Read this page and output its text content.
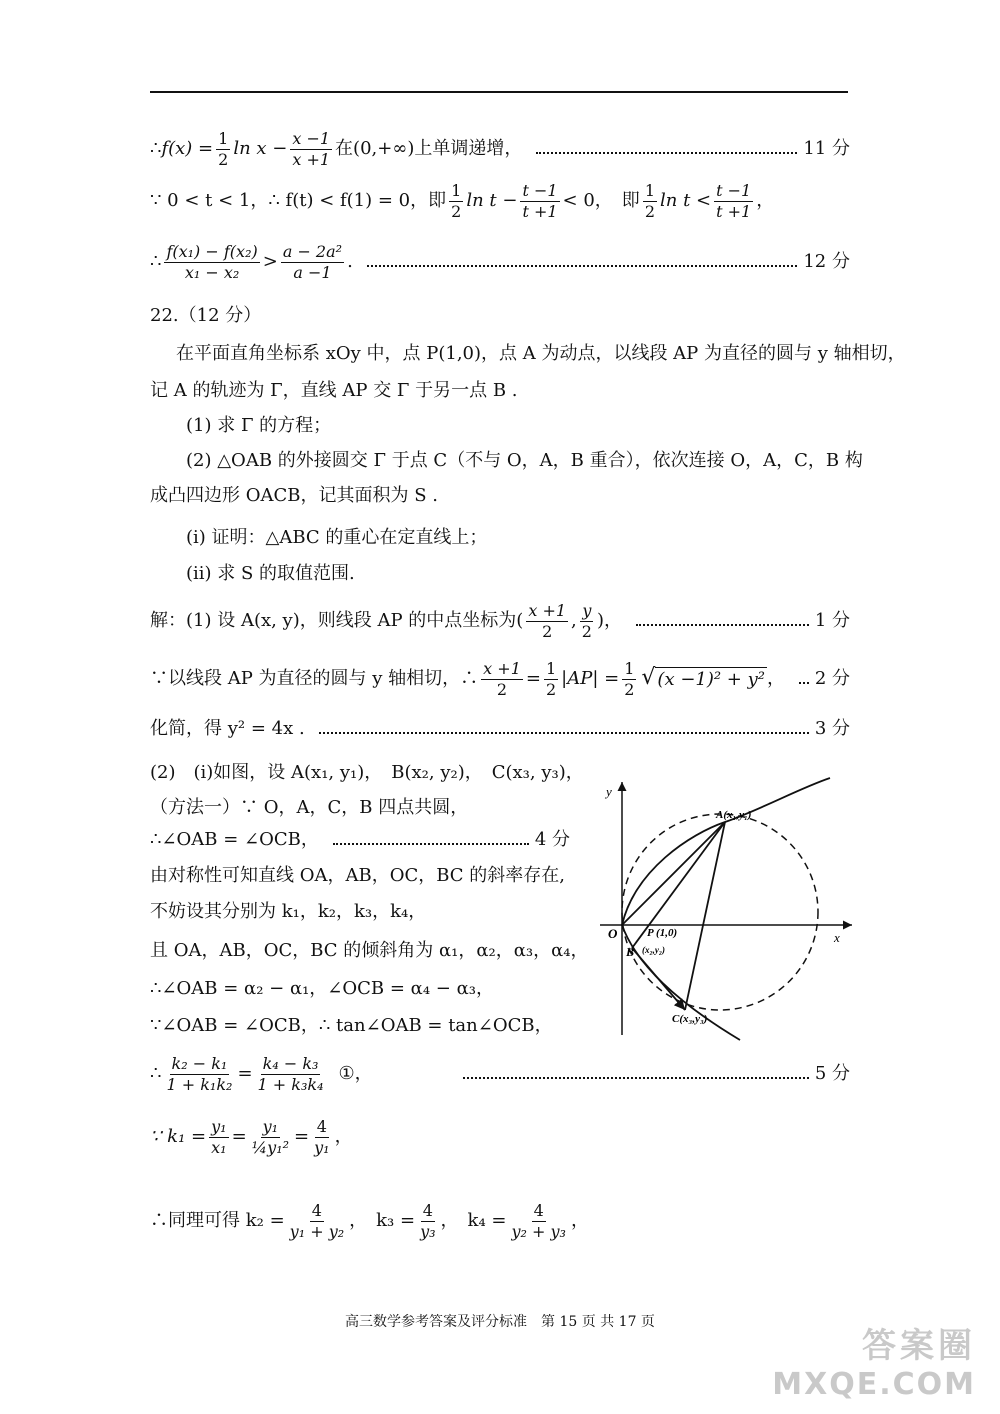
∴ $f(x) = \frac{1}{2}$ $\ln x - \frac{x -1}{x +1}$ 在(0,+∞)上单调递增，	11 分
∵ 0 < t < 1，∴ f(t) < f(1) = 0，即 $\frac{1}{2}$ $\ln t - \frac{t -1}{t +1} < 0$，　即 $\frac{1}{2}$ $\ln t < \frac{t -1}{t +1}$ ，
∴ $\frac{\text{f(x₁) − f(x₂)}}{\text{x₁ − x₂}} > \frac{\text{a − 2a²}}{a -1}$ .	12 分
22.（12 分）
在平面直角坐标系 xOy 中，点 P(1,0)，点 A 为动点，以线段 AP 为直径的圆与 y 轴相切，
记 A 的轨迹为 Γ，直线 AP 交 Γ 于另一点 B .
(1) 求 Γ 的方程；
(2) △OAB 的外接圆交 Γ 于点 C（不与 O，A，B 重合），依次连接 O，A，C，B 构
成凸四边形 OACB，记其面积为 S .
(i) 证明：△ABC 的重心在定直线上；
(ii) 求 S 的取值范围.
解：(1) 设 A(x, y)，则线段 AP 的中点坐标为( $\frac{x +1}{2}$ , $\frac{y}{2}$ )，	1 分
∵以线段 AP 为直径的圆与 y 轴相切，∴ $\frac{x +1}{2} = \frac{1}{2} |AP| = \frac{1}{2}$ √ (x −1)² + y² ， 2 分
化简，得 y² = 4x .	3 分
(2)　(i)如图，设 A(x₁, y₁)，　B(x₂, y₂)，　C(x₃, y₃)，
（方法一）∵ O，A，C，B 四点共圆，
∴∠OAB = ∠OCB，	4 分
由对称性可知直线 OA，AB，OC，BC 的斜率存在,
不妨设其分别为 k₁，k₂，k₃，k₄，
且 OA，AB，OC，BC 的倾斜角为 α₁，α₂，α₃，α₄，
∴∠OAB = α₂ − α₁，∠OCB = α₄ − α₃，
∵∠OAB = ∠OCB，∴ tan∠OAB = tan∠OCB，
∴ $\frac{\text{k₂ − k₁}}{\text{1 + k₁k₂}} = \frac{\text{k₄ − k₃}}{\text{1 + k₃k₄}}$ ①，	5 分
∵ $k_1 = \frac{\text{y₁}}{\text{x₁}} = \frac{\text{y₁}}{\text{¼y₁²}} = \frac{4}{\text{y₁}}$ ，
∴同理可得 $k_2 = \frac{4}{\text{y₁ + y₂}}$ ，　$k_3 = \frac{4}{\text{y₃}}$ ，　$k_4 = \frac{4}{\text{y₂ + y₃}}$ ，
y
x
O
A(x₁,y₁)
P (1,0)
B (x₂,y₂)
C(x₃,y₃)
高三数学参考答案及评分标准　第 15 页 共 17 页
答案圈
MXQE.COM
